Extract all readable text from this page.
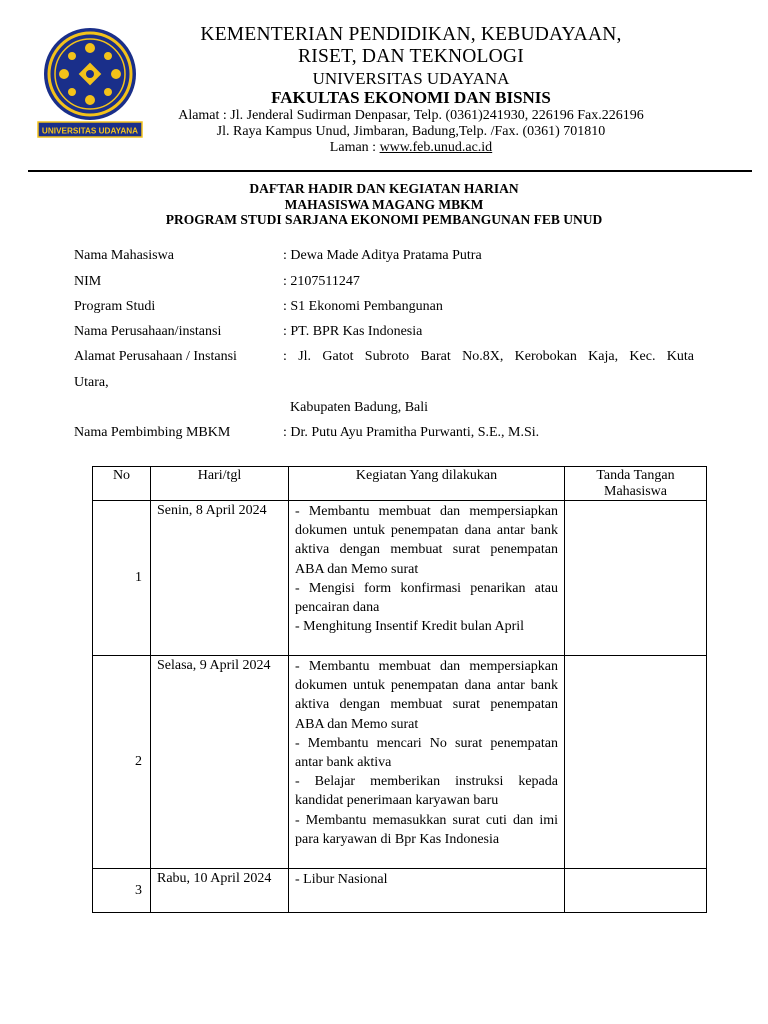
UNIVERSITAS UDAYANA
KEMENTERIAN PENDIDIKAN, KEBUDAYAAN,
RISET, DAN TEKNOLOGI
UNIVERSITAS UDAYANA
FAKULTAS EKONOMI DAN BISNIS
Alamat : Jl. Jenderal Sudirman Denpasar, Telp. (0361)241930, 226196 Fax.226196
Jl. Raya Kampus Unud, Jimbaran, Badung,Telp. /Fax. (0361) 701810
Laman : www.feb.unud.ac.id
DAFTAR HADIR DAN KEGIATAN HARIAN
MAHASISWA MAGANG MBKM
PROGRAM STUDI SARJANA EKONOMI PEMBANGUNAN FEB UNUD
Nama Mahasiswa	: Dewa Made Aditya Pratama Putra
NIM	: 2107511247
Program Studi	: S1 Ekonomi Pembangunan
Nama Perusahaan/instansi	: PT. BPR Kas Indonesia
Alamat Perusahaan / Instansi	: Jl. Gatot Subroto Barat No.8X, Kerobokan Kaja, Kec. Kuta
Utara,
Kabupaten Badung, Bali
Nama Pembimbing MBKM	: Dr. Putu Ayu Pramitha Purwanti, S.E., M.Si.
No	Hari/tgl	Kegiatan Yang dilakukan	Tanda Tangan Mahasiswa
1	Senin, 8 April 2024	- Membantu membuat dan mempersiapkan dokumen untuk penempatan dana antar bank aktiva dengan membuat surat penempatan ABA dan Memo surat
- Mengisi form konfirmasi penarikan atau pencairan dana
- Menghitung Insentif Kredit bulan April	

2	Selasa, 9 April 2024	- Membantu membuat dan mempersiapkan dokumen untuk penempatan dana antar bank aktiva dengan membuat surat penempatan ABA dan Memo surat
- Membantu mencari No surat penempatan antar bank aktiva
- Belajar memberikan instruksi kepada kandidat penerimaan karyawan baru
- Membantu memasukkan surat cuti dan imi para karyawan di Bpr Kas Indonesia	

3	Rabu, 10 April 2024	- Libur Nasional	
